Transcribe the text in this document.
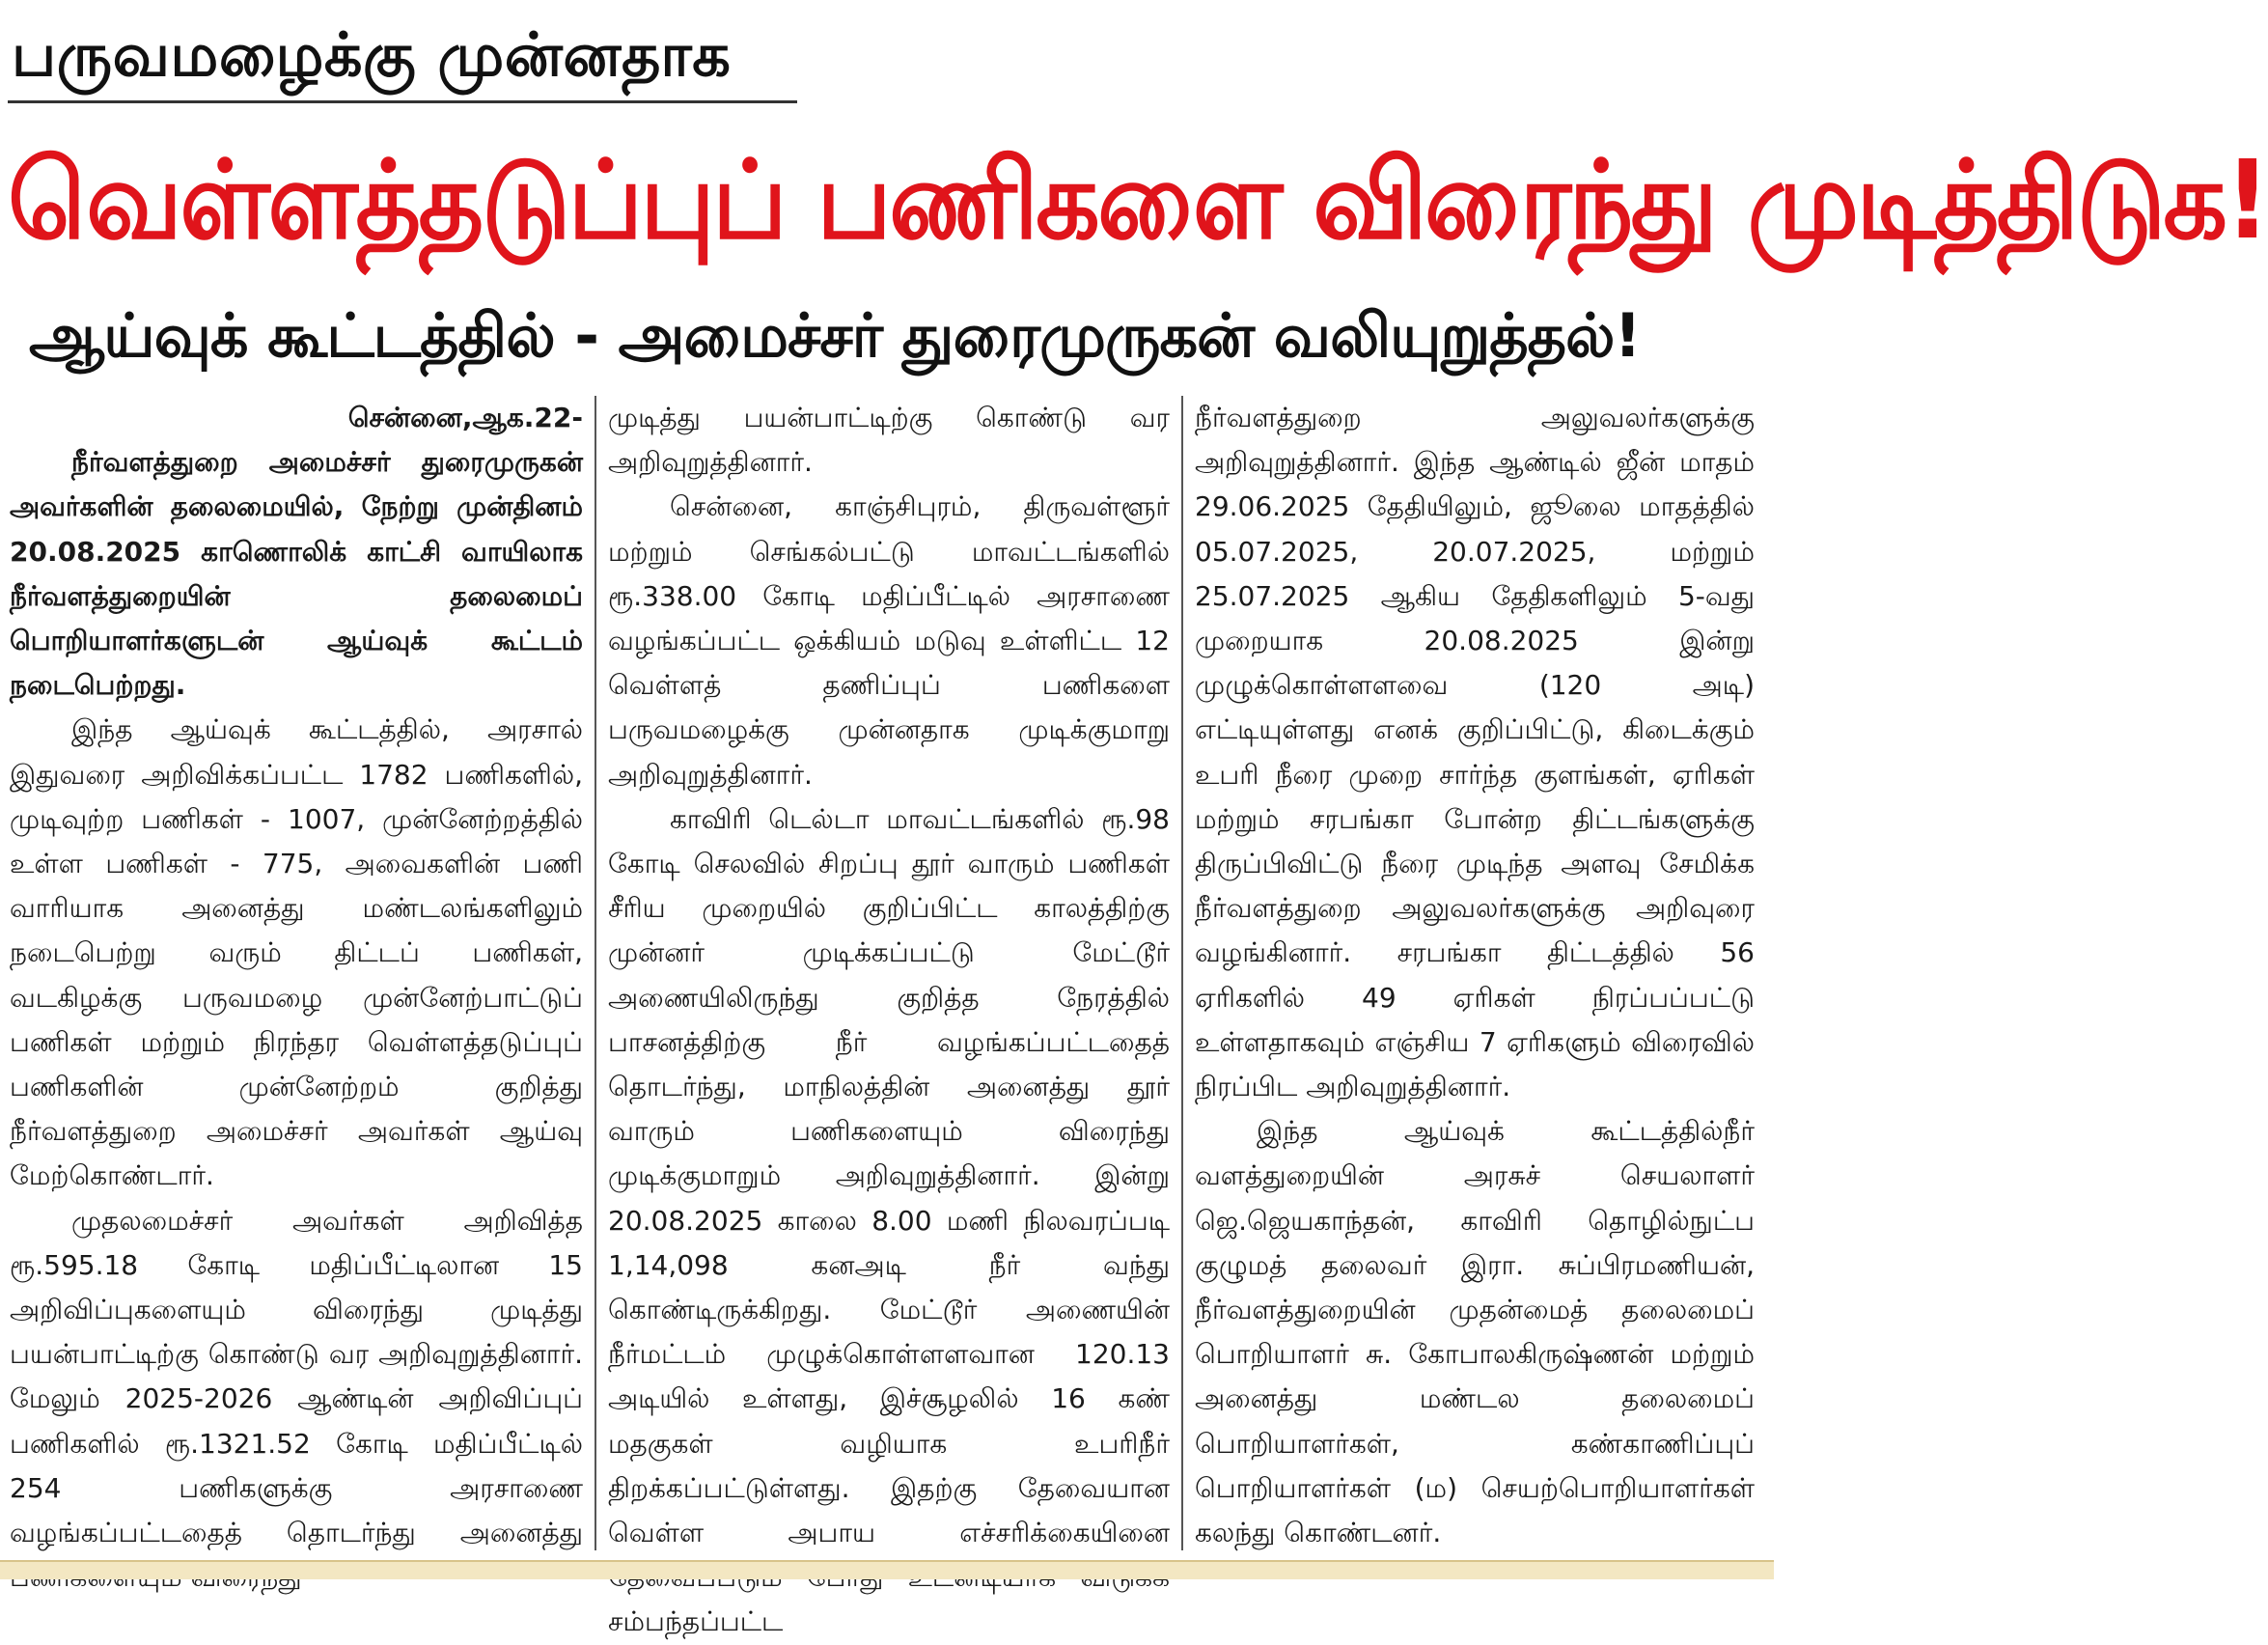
பருவமழைக்கு முன்னதாக
வெள்ளத்தடுப்புப் பணிகளை விரைந்து முடித்திடுக!
ஆய்வுக் கூட்டத்தில் - அமைச்சர் துரைமுருகன் வலியுறுத்தல்!
சென்னை,ஆக.22-

நீர்வளத்துறை அமைச்சர் துரைமுருகன் அவர்களின் தலைமையில், நேற்று முன்தினம் 20.08.2025 காணொலிக் காட்சி வாயிலாக நீர்வளத்துறையின் தலைமைப் பொறியாளர்களுடன் ஆய்வுக் கூட்டம் நடைபெற்றது.

இந்த ஆய்வுக் கூட்டத்தில், அரசால் இதுவரை அறிவிக்கப்பட்ட 1782 பணிகளில், முடிவுற்ற பணிகள் - 1007, முன்னேற்றத்தில் உள்ள பணிகள் - 775, அவைகளின் பணி வாரியாக அனைத்து மண்டலங்களிலும் நடைபெற்று வரும் திட்டப் பணிகள், வடகிழக்கு பருவமழை முன்னேற்பாட்டுப் பணிகள் மற்றும் நிரந்தர வெள்ளத்தடுப்புப் பணிகளின் முன்னேற்றம் குறித்து நீர்வளத்துறை அமைச்சர் அவர்கள் ஆய்வு மேற்கொண்டார்.

முதலமைச்சர் அவர்கள் அறிவித்த ரூ.595.18 கோடி மதிப்பீட்டிலான 15 அறிவிப்புகளையும் விரைந்து முடித்து பயன்பாட்டிற்கு கொண்டு வர அறிவுறுத்தினார். மேலும் 2025-2026 ஆண்டின் அறிவிப்புப் பணிகளில் ரூ.1321.52 கோடி மதிப்பீட்டில் 254 பணிகளுக்கு அரசாணை வழங்கப்பட்டதைத் தொடர்ந்து அனைத்து

முடித்து பயன்பாட்டிற்கு கொண்டு வர அறிவுறுத்தினார்.

சென்னை, காஞ்சிபுரம், திருவள்ளூர் மற்றும் செங்கல்பட்டு மாவட்டங்களில் ரூ.338.00 கோடி மதிப்பீட்டில் அரசாணை வழங்கப்பட்ட ஒக்கியம் மடுவு உள்ளிட்ட 12 வெள்ளத் தணிப்புப் பணிகளை பருவமழைக்கு முன்னதாக முடிக்குமாறு அறிவுறுத்தினார்.

காவிரி டெல்டா மாவட்டங்களில் ரூ.98 கோடி செலவில் சிறப்பு தூர் வாரும் பணிகள் சீரிய முறையில் குறிப்பிட்ட காலத்திற்கு முன்னர் முடிக்கப்பட்டு மேட்டூர் அணையிலிருந்து குறித்த நேரத்தில் பாசனத்திற்கு நீர் வழங்கப்பட்டதைத் தொடர்ந்து, மாநிலத்தின் அனைத்து தூர் வாரும் பணிகளையும் விரைந்து முடிக்குமாறும் அறிவுறுத்தினார். இன்று 20.08.2025 காலை 8.00 மணி நிலவரப்படி 1,14,098 கனஅடி நீர் வந்து கொண்டிருக்கிறது. மேட்டூர் அணையின் நீர்மட்டம் முழுக்கொள்ளளவான 120.13 அடியில் உள்ளது, இச்சூழலில் 16 கண் மதகுகள் வழியாக உபரிநீர் திறக்கப்பட்டுள்ளது. இதற்கு தேவையான வெள்ள அபாய எச்சரிக்கையினை சம்பந்தப்பட்ட

நீர்வளத்துறை அலுவலர்களுக்கு அறிவுறுத்தினார். இந்த ஆண்டில் ஜீன் மாதம் 29.06.2025 தேதியிலும், ஜூலை மாதத்தில் 05.07.2025, 20.07.2025, மற்றும் 25.07.2025 ஆகிய தேதிகளிலும் 5-வது முறையாக 20.08.2025 இன்று முழுக்கொள்ளளவை (120 அடி) எட்டியுள்ளது எனக் குறிப்பிட்டு, கிடைக்கும் உபரி நீரை முறை சார்ந்த குளங்கள், ஏரிகள் மற்றும் சரபங்கா போன்ற திட்டங்களுக்கு திருப்பிவிட்டு நீரை முடிந்த அளவு சேமிக்க நீர்வளத்துறை அலுவலர்களுக்கு அறிவுரை வழங்கினார். சரபங்கா திட்டத்தில் 56 ஏரிகளில் 49 ஏரிகள் நிரப்பப்பட்டு உள்ளதாகவும் எஞ்சிய 7 ஏரிகளும் விரைவில் நிரப்பிட அறிவுறுத்தினார்.

இந்த ஆய்வுக் கூட்டத்தில்நீர் வளத்துறையின் அரசுச் செயலாளர் ஜெ.ஜெயகாந்தன், காவிரி தொழில்நுட்ப குழுமத் தலைவர் இரா. சுப்பிரமணியன், நீர்வளத்துறையின் முதன்மைத் தலைமைப் பொறியாளர் சு. கோபாலகிருஷ்ணன் மற்றும் அனைத்து மண்டல தலைமைப் பொறியாளர்கள், கண்காணிப்புப் பொறியாளர்கள் (ம) செயற்பொறியாளர்கள் கலந்து கொண்டனர்.
